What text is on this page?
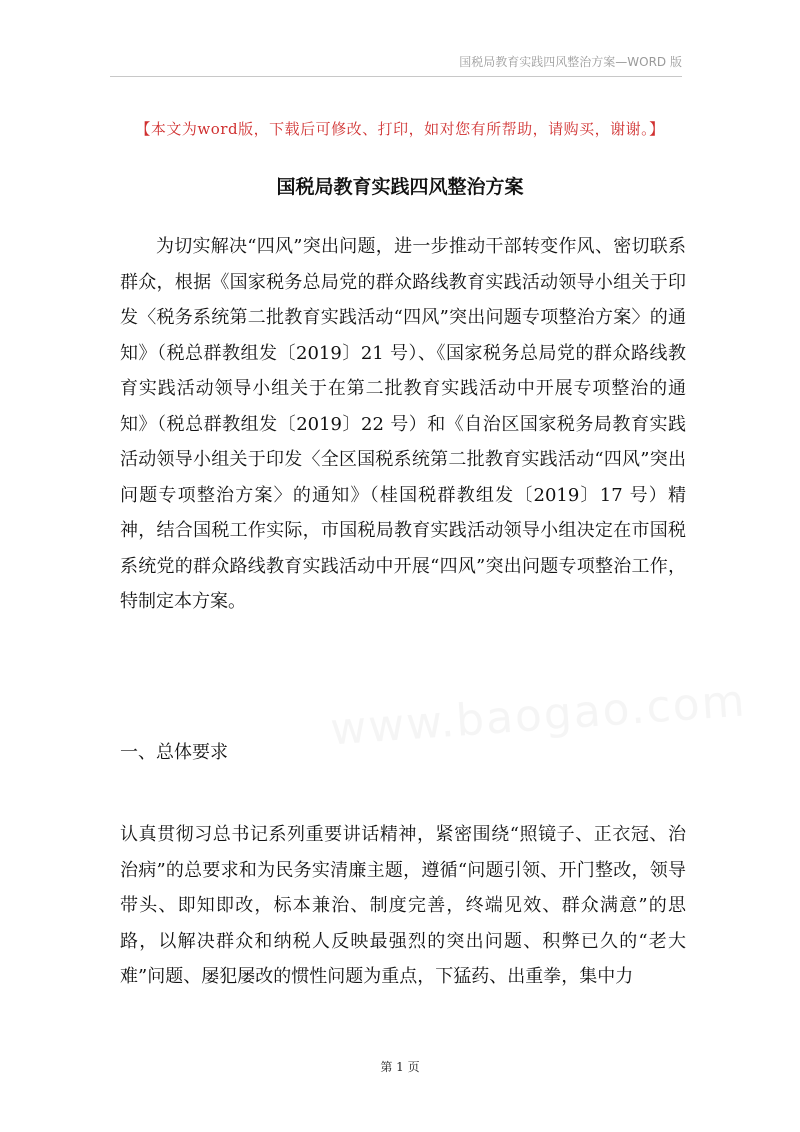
国税局教育实践四风整治方案—WORD 版
【本文为word版，下载后可修改、打印，如对您有所帮助，请购买，谢谢。】
国税局教育实践四风整治方案
为切实解决“四风”突出问题，进一步推动干部转变作风、密切联系群众，根据《国家税务总局党的群众路线教育实践活动领导小组关于印发〈税务系统第二批教育实践活动“四风”突出问题专项整治方案〉的通知》（税总群教组发〔2019〕21 号）、《国家税务总局党的群众路线教育实践活动领导小组关于在第二批教育实践活动中开展专项整治的通知》（税总群教组发〔2019〕22 号）和《自治区国家税务局教育实践活动领导小组关于印发〈全区国税系统第二批教育实践活动“四风”突出问题专项整治方案〉的通知》（桂国税群教组发〔2019〕17 号）精神，结合国税工作实际，市国税局教育实践活动领导小组决定在市国税系统党的群众路线教育实践活动中开展“四风”突出问题专项整治工作，特制定本方案。
www.baogao.com
一、总体要求
认真贯彻习总书记系列重要讲话精神，紧密围绕“照镜子、正衣冠、治治病”的总要求和为民务实清廉主题，遵循“问题引领、开门整改，领导带头、即知即改，标本兼治、制度完善，终端见效、群众满意”的思路，以解决群众和纳税人反映最强烈的突出问题、积弊已久的“老大难”问题、屡犯屡改的惯性问题为重点，下猛药、出重拳，集中力
第 1 页
